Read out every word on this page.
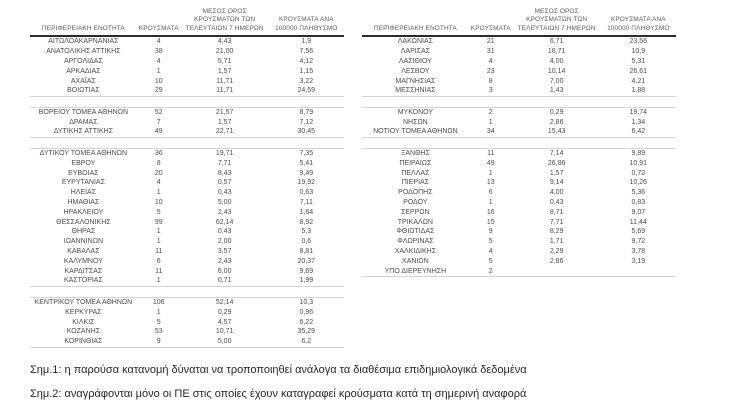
ΠΕΡΙΦΕΡΕΙΑΚΗ ΕΝΟΤΗΤΑ	ΚΡΟΥΣΜΑΤΑ	ΜΕΣΟΣ ΟΡΟΣ ΚΡΟΥΣΜΑΤΩΝ ΤΩΝ ΤΕΛΕΥΤΑΙΩΝ 7 ΗΜΕΡΩΝ	ΚΡΟΥΣΜΑΤΑ ΑΝΑ 100000 ΠΛΗΘΥΣΜΟ
ΑΙΤΩΛΟΑΚΑΡΝΑΝΙΑΣ	4	4,43	1,9
ΑΝΑΤΟΛΙΚΗΣ ΑΤΤΙΚΗΣ	38	21,00	7,56
ΑΡΓΟΛΙΔΑΣ	4	5,71	4,12
ΑΡΚΑΔΙΑΣ	1	1,57	1,15
ΑΧΑΪΑΣ	10	11,71	3,22
ΒΟΙΩΤΙΑΣ	29	11,71	24,59

ΒΟΡΕΙΟΥ ΤΟΜΕΑ ΑΘΗΝΩΝ	52	21,57	8,79
ΔΡΑΜΑΣ	7	1,57	7,12
ΔΥΤΙΚΗΣ ΑΤΤΙΚΗΣ	49	22,71	30,45

ΔΥΤΙΚΟΥ ΤΟΜΕΑ ΑΘΗΝΩΝ	36	19,71	7,35
ΕΒΡΟΥ	8	7,71	5,41
ΕΥΒΟΙΑΣ	20	8,43	9,49
ΕΥΡΥΤΑΝΙΑΣ	4	0,57	19,92
ΗΛΕΙΑΣ	1	0,43	0,63
ΗΜΑΘΙΑΣ	10	5,00	7,11
ΗΡΑΚΛΕΙΟΥ	5	2,43	1,64
ΘΕΣΣΑΛΟΝΙΚΗΣ	99	62,14	8,92
ΘΗΡΑΣ	1	0,43	5,3
ΙΩΑΝΝΙΝΩΝ	1	2,00	0,6
ΚΑΒΑΛΑΣ	11	3,57	8,81
ΚΑΛΥΜΝΟΥ	6	2,43	20,37
ΚΑΡΔΙΤΣΑΣ	11	6,00	9,69
ΚΑΣΤΟΡΙΑΣ	1	0,71	1,99

ΚΕΝΤΡΙΚΟΥ ΤΟΜΕΑ ΑΘΗΝΩΝ	106	52,14	10,3
ΚΕΡΚΥΡΑΣ	1	0,29	0,96
ΚΙΛΚΙΣ	5	4,57	6,22
ΚΟΖΑΝΗΣ	53	10,71	35,29
ΚΟΡΙΝΘΙΑΣ	9	5,00	6,2
ΠΕΡΙΦΕΡΕΙΑΚΗ ΕΝΟΤΗΤΑ	ΚΡΟΥΣΜΑΤΑ	ΜΕΣΟΣ ΟΡΟΣ ΚΡΟΥΣΜΑΤΩΝ ΤΩΝ ΤΕΛΕΥΤΑΙΩΝ 7 ΗΜΕΡΩΝ	ΚΡΟΥΣΜΑΤΑ ΑΝΑ 100000 ΠΛΗΘΥΣΜΟ
ΛΑΚΩΝΙΑΣ	21	6,71	23,56
ΛΑΡΙΣΑΣ	31	18,71	10,9
ΛΑΣΙΘΙΟΥ	4	4,00	5,31
ΛΕΣΒΟΥ	23	10,14	26,61
ΜΑΓΝΗΣΙΑΣ	8	7,00	4,21
ΜΕΣΣΗΝΙΑΣ	3	1,43	1,88

ΜΥΚΟΝΟΥ	2	0,29	19,74
ΝΗΣΩΝ	1	2,86	1,34
ΝΟΤΙΟΥ ΤΟΜΕΑ ΑΘΗΝΩΝ	34	15,43	6,42

ΞΑΝΘΗΣ	11	7,14	9,89
ΠΕΙΡΑΙΩΣ	49	26,86	10,91
ΠΕΛΛΑΣ	1	1,57	0,72
ΠΙΕΡΙΑΣ	13	9,14	10,26
ΡΟΔΟΠΗΣ	6	4,00	5,36
ΡΟΔΟΥ	1	0,43	0,83
ΣΕΡΡΩΝ	16	8,71	9,07
ΤΡΙΚΑΛΩΝ	15	7,71	11,44
ΦΘΙΩΤΙΔΑΣ	9	8,29	5,69
ΦΛΩΡΙΝΑΣ	5	1,71	9,72
ΧΑΛΚΙΔΙΚΗΣ	4	2,29	3,78
ΧΑΝΙΩΝ	5	2,86	3,19
ΥΠΟ ΔΙΕΡΕΥΝΗΣΗ	2		

Σημ.1: η παρούσα κατανομή δύναται να τροποποιηθεί ανάλογα τα διαθέσιμα επιδημιολογικά δεδομένα

Σημ.2: αναγράφονται μόνο οι ΠΕ στις οποίες έχουν καταγραφεί κρούσματα κατά τη σημερινή αναφορά
